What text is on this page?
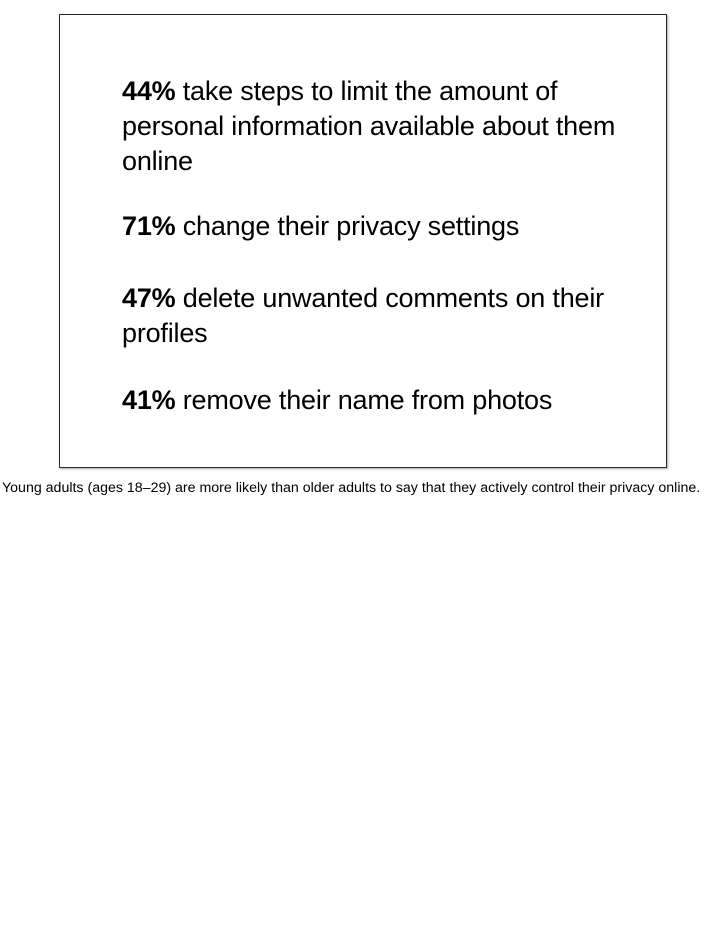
44% take steps to limit the amount of personal information available about them online

71% change their privacy settings

47% delete unwanted comments on their profiles

41% remove their name from photos

Young adults (ages 18–29) are more likely than older adults to say that they actively control their privacy online.
